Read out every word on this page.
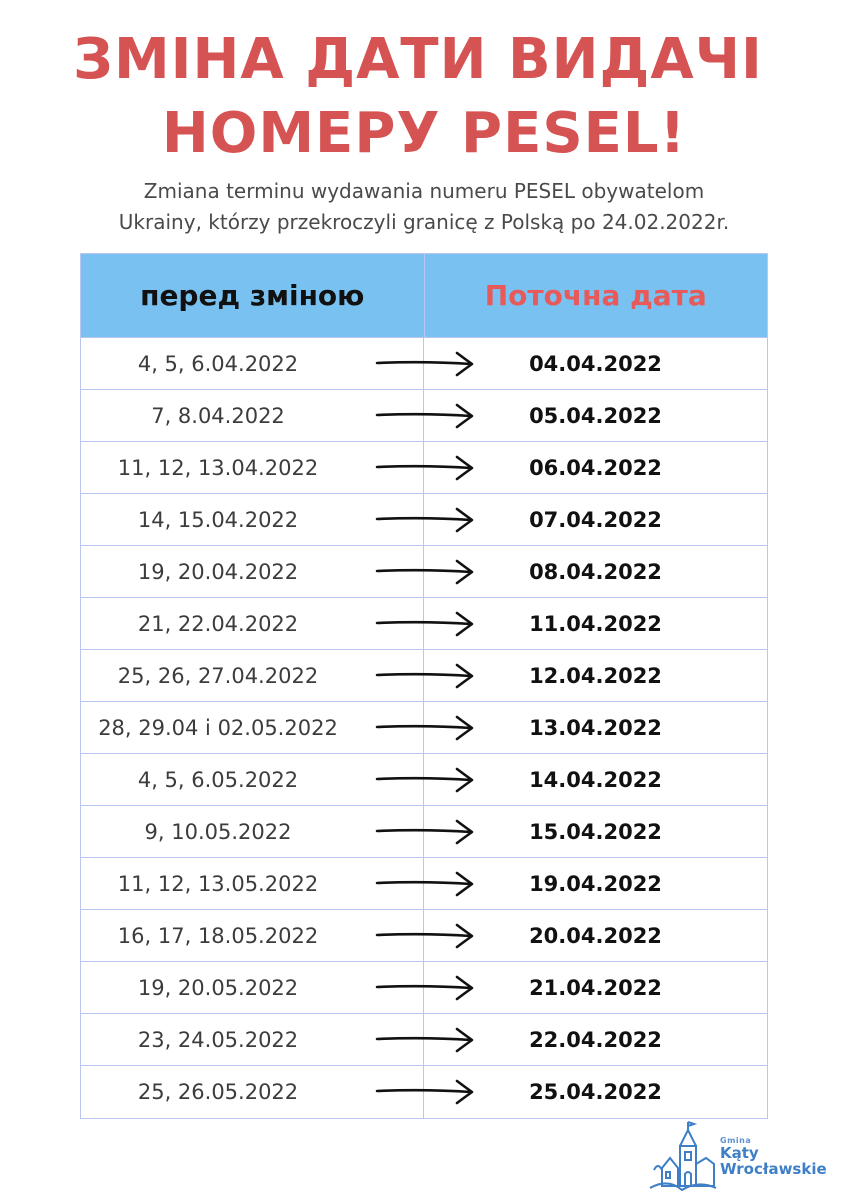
ЗМІНА ДАТИ ВИДАЧІ
НОМЕРУ PESEL!
Zmiana terminu wydawania numeru PESEL obywatelom
Ukrainy, którzy przekroczyli granicę z Polską po 24.02.2022r.
перед зміною	Поточна дата
4, 5, 6.04.2022	04.04.2022
7, 8.04.2022	05.04.2022
11, 12, 13.04.2022	06.04.2022
14, 15.04.2022	07.04.2022
19, 20.04.2022	08.04.2022
21, 22.04.2022	11.04.2022
25, 26, 27.04.2022	12.04.2022
28, 29.04 i 02.05.2022	13.04.2022
4, 5, 6.05.2022	14.04.2022
9, 10.05.2022	15.04.2022
11, 12, 13.05.2022	19.04.2022
16, 17, 18.05.2022	20.04.2022
19, 20.05.2022	21.04.2022
23, 24.05.2022	22.04.2022
25, 26.05.2022	25.04.2022
Gmina
Kąty
Wrocławskie
